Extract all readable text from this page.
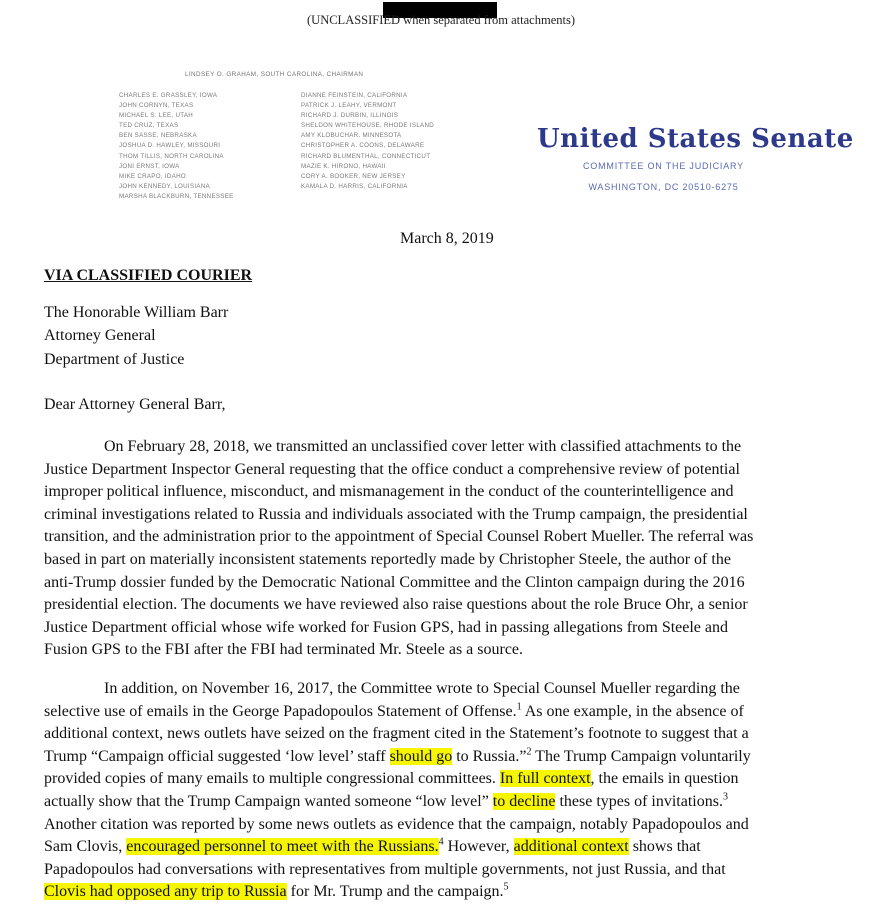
(UNCLASSIFIED when separated from attachments)
LINDSEY O. GRAHAM, SOUTH CAROLINA, CHAIRMAN
CHARLES E. GRASSLEY, IOWA
JOHN CORNYN, TEXAS
MICHAEL S. LEE, UTAH
TED CRUZ, TEXAS
BEN SASSE, NEBRASKA
JOSHUA D. HAWLEY, MISSOURI
THOM TILLIS, NORTH CAROLINA
JONI ERNST, IOWA
MIKE CRAPO, IDAHO
JOHN KENNEDY, LOUISIANA
MARSHA BLACKBURN, TENNESSEE
DIANNE FEINSTEIN, CALIFORNIA
PATRICK J. LEAHY, VERMONT
RICHARD J. DURBIN, ILLINOIS
SHELDON WHITEHOUSE, RHODE ISLAND
AMY KLOBUCHAR, MINNESOTA
CHRISTOPHER A. COONS, DELAWARE
RICHARD BLUMENTHAL, CONNECTICUT
MAZIE K. HIRONO, HAWAII
CORY A. BOOKER, NEW JERSEY
KAMALA D. HARRIS, CALIFORNIA
United States Senate
COMMITTEE ON THE JUDICIARY
WASHINGTON, DC 20510-6275
March 8, 2019
VIA CLASSIFIED COURIER
The Honorable William Barr
Attorney General
Department of Justice
Dear Attorney General Barr,
On February 28, 2018, we transmitted an unclassified cover letter with classified attachments to the
Justice Department Inspector General requesting that the office conduct a comprehensive review of potential
improper political influence, misconduct, and mismanagement in the conduct of the counterintelligence and
criminal investigations related to Russia and individuals associated with the Trump campaign, the presidential
transition, and the administration prior to the appointment of Special Counsel Robert Mueller. The referral was
based in part on materially inconsistent statements reportedly made by Christopher Steele, the author of the
anti-Trump dossier funded by the Democratic National Committee and the Clinton campaign during the 2016
presidential election. The documents we have reviewed also raise questions about the role Bruce Ohr, a senior
Justice Department official whose wife worked for Fusion GPS, had in passing allegations from Steele and
Fusion GPS to the FBI after the FBI had terminated Mr. Steele as a source.
In addition, on November 16, 2017, the Committee wrote to Special Counsel Mueller regarding the
selective use of emails in the George Papadopoulos Statement of Offense.$^1$ As one example, in the absence of
additional context, news outlets have seized on the fragment cited in the Statement’s footnote to suggest that a
Trump “Campaign official suggested ‘low level’ staff should go to Russia.”$^2$ The Trump Campaign voluntarily
provided copies of many emails to multiple congressional committees. In full context, the emails in question
actually show that the Trump Campaign wanted someone “low level” to decline these types of invitations.$^3$
Another citation was reported by some news outlets as evidence that the campaign, notably Papadopoulos and
Sam Clovis, encouraged personnel to meet with the Russians.$^4$ However, additional context shows that
Papadopoulos had conversations with representatives from multiple governments, not just Russia, and that
Clovis had opposed any trip to Russia for Mr. Trump and the campaign.$^5$
